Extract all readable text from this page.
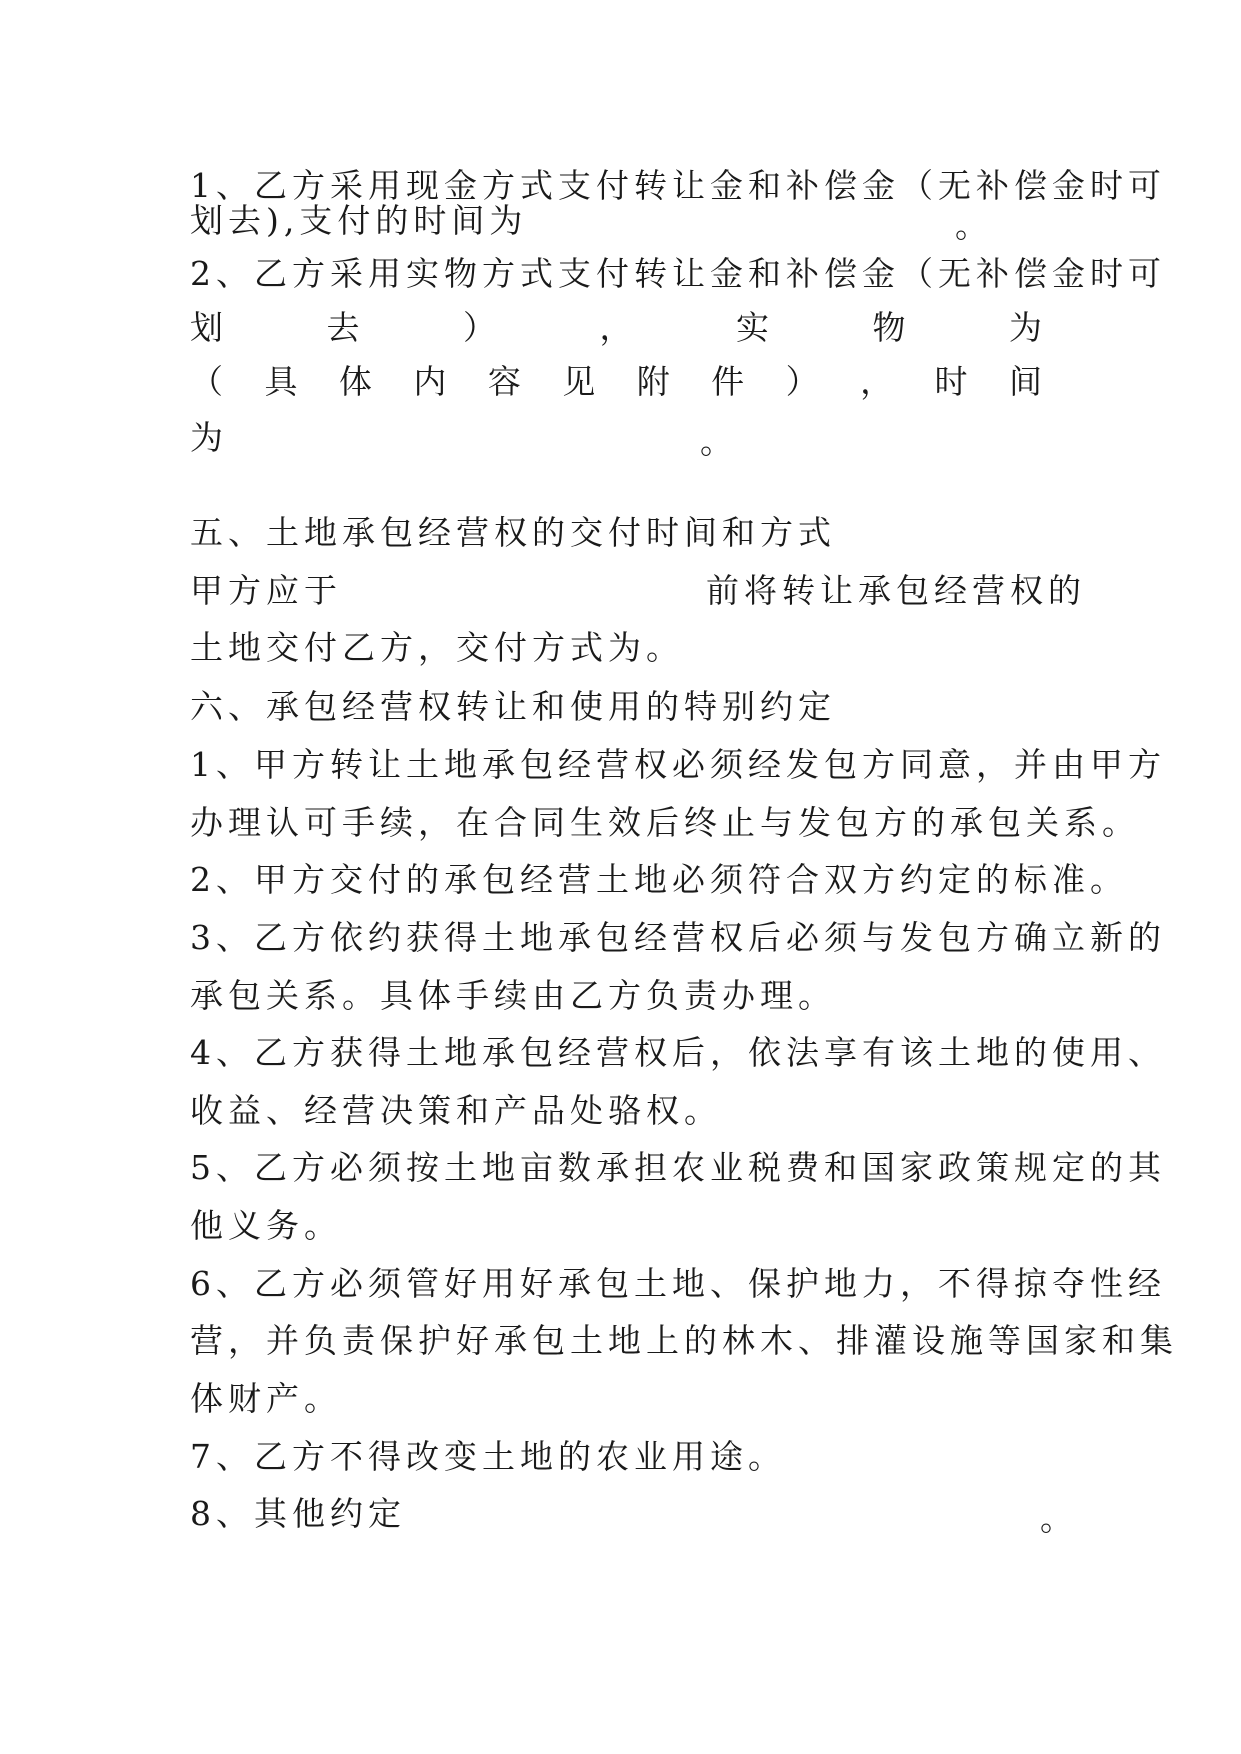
1、乙方采用现金方式支付转让金和补偿金（无补偿金时可
划去),支付的时间为	。
2、乙方采用实物方式支付转让金和补偿金（无补偿金时可
划	去	）	，	实	物	为
（ 具 体 内 容 见 附 件 ） ， 时 间
为	。
五、土地承包经营权的交付时间和方式
甲方应于	前将转让承包经营权的
土地交付乙方，交付方式为。
六、承包经营权转让和使用的特别约定
1、甲方转让土地承包经营权必须经发包方同意，并由甲方
办理认可手续，在合同生效后终止与发包方的承包关系。
2、甲方交付的承包经营土地必须符合双方约定的标准。
3、乙方依约获得土地承包经营权后必须与发包方确立新的
承包关系。具体手续由乙方负责办理。
4、乙方获得土地承包经营权后，依法享有该土地的使用、
收益、经营决策和产品处骆权。
5、乙方必须按土地亩数承担农业税费和国家政策规定的其
他义务。
6、乙方必须管好用好承包土地、保护地力，不得掠夺性经
营，并负责保护好承包土地上的林木、排灌设施等国家和集
体财产。
7、乙方不得改变土地的农业用途。
8、其他约定	。
